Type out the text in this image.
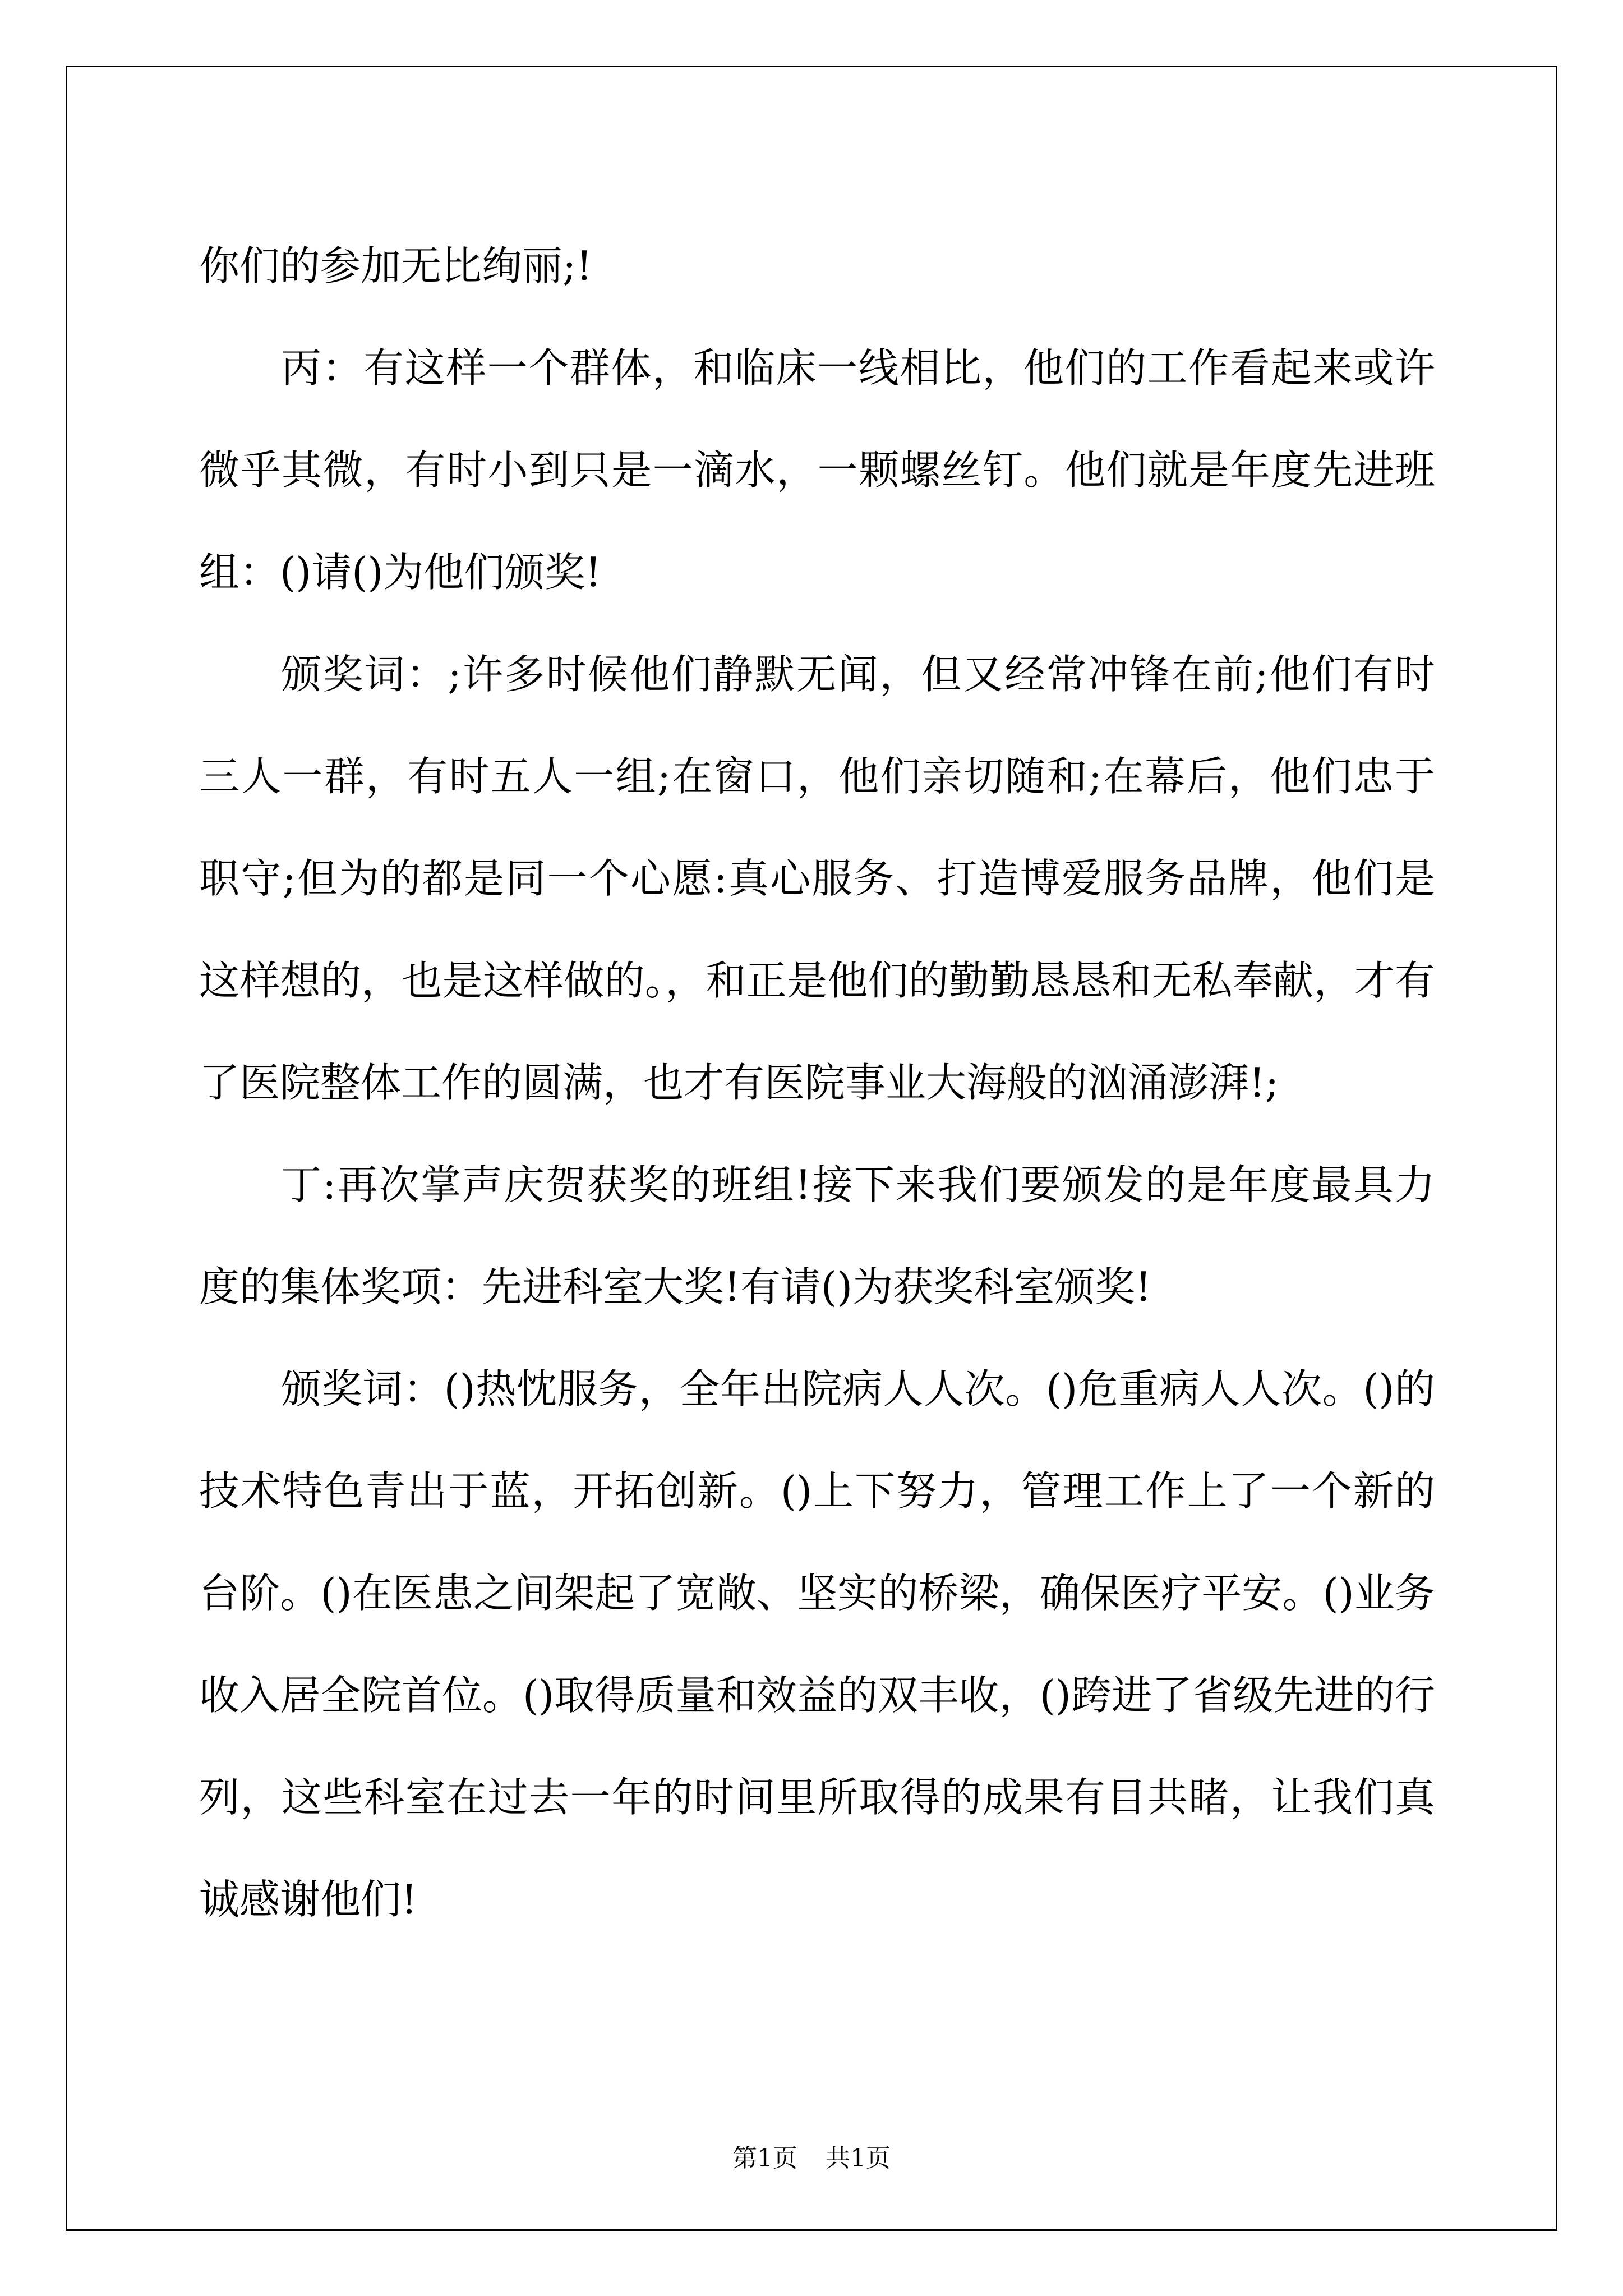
你们的参加无比绚丽;!

丙：有这样一个群体，和临床一线相比，他们的工作看起来或许微乎其微，有时小到只是一滴水，一颗螺丝钉。他们就是年度先进班组：()请()为他们颁奖!

颁奖词：;许多时候他们静默无闻，但又经常冲锋在前;他们有时三人一群，有时五人一组;在窗口，他们亲切随和;在幕后，他们忠于职守;但为的都是同一个心愿:真心服务、打造博爱服务品牌，他们是这样想的，也是这样做的。，和正是他们的勤勤恳恳和无私奉献，才有了医院整体工作的圆满，也才有医院事业大海般的汹涌澎湃!;

丁:再次掌声庆贺获奖的班组!接下来我们要颁发的是年度最具力度的集体奖项：先进科室大奖!有请()为获奖科室颁奖!

颁奖词：()热忱服务，全年出院病人人次。()危重病人人次。()的技术特色青出于蓝，开拓创新。()上下努力，管理工作上了一个新的台阶。()在医患之间架起了宽敞、坚实的桥梁，确保医疗平安。()业务收入居全院首位。()取得质量和效益的双丰收，()跨进了省级先进的行列，这些科室在过去一年的时间里所取得的成果有目共睹，让我们真诚感谢他们!

第1页 共1页
